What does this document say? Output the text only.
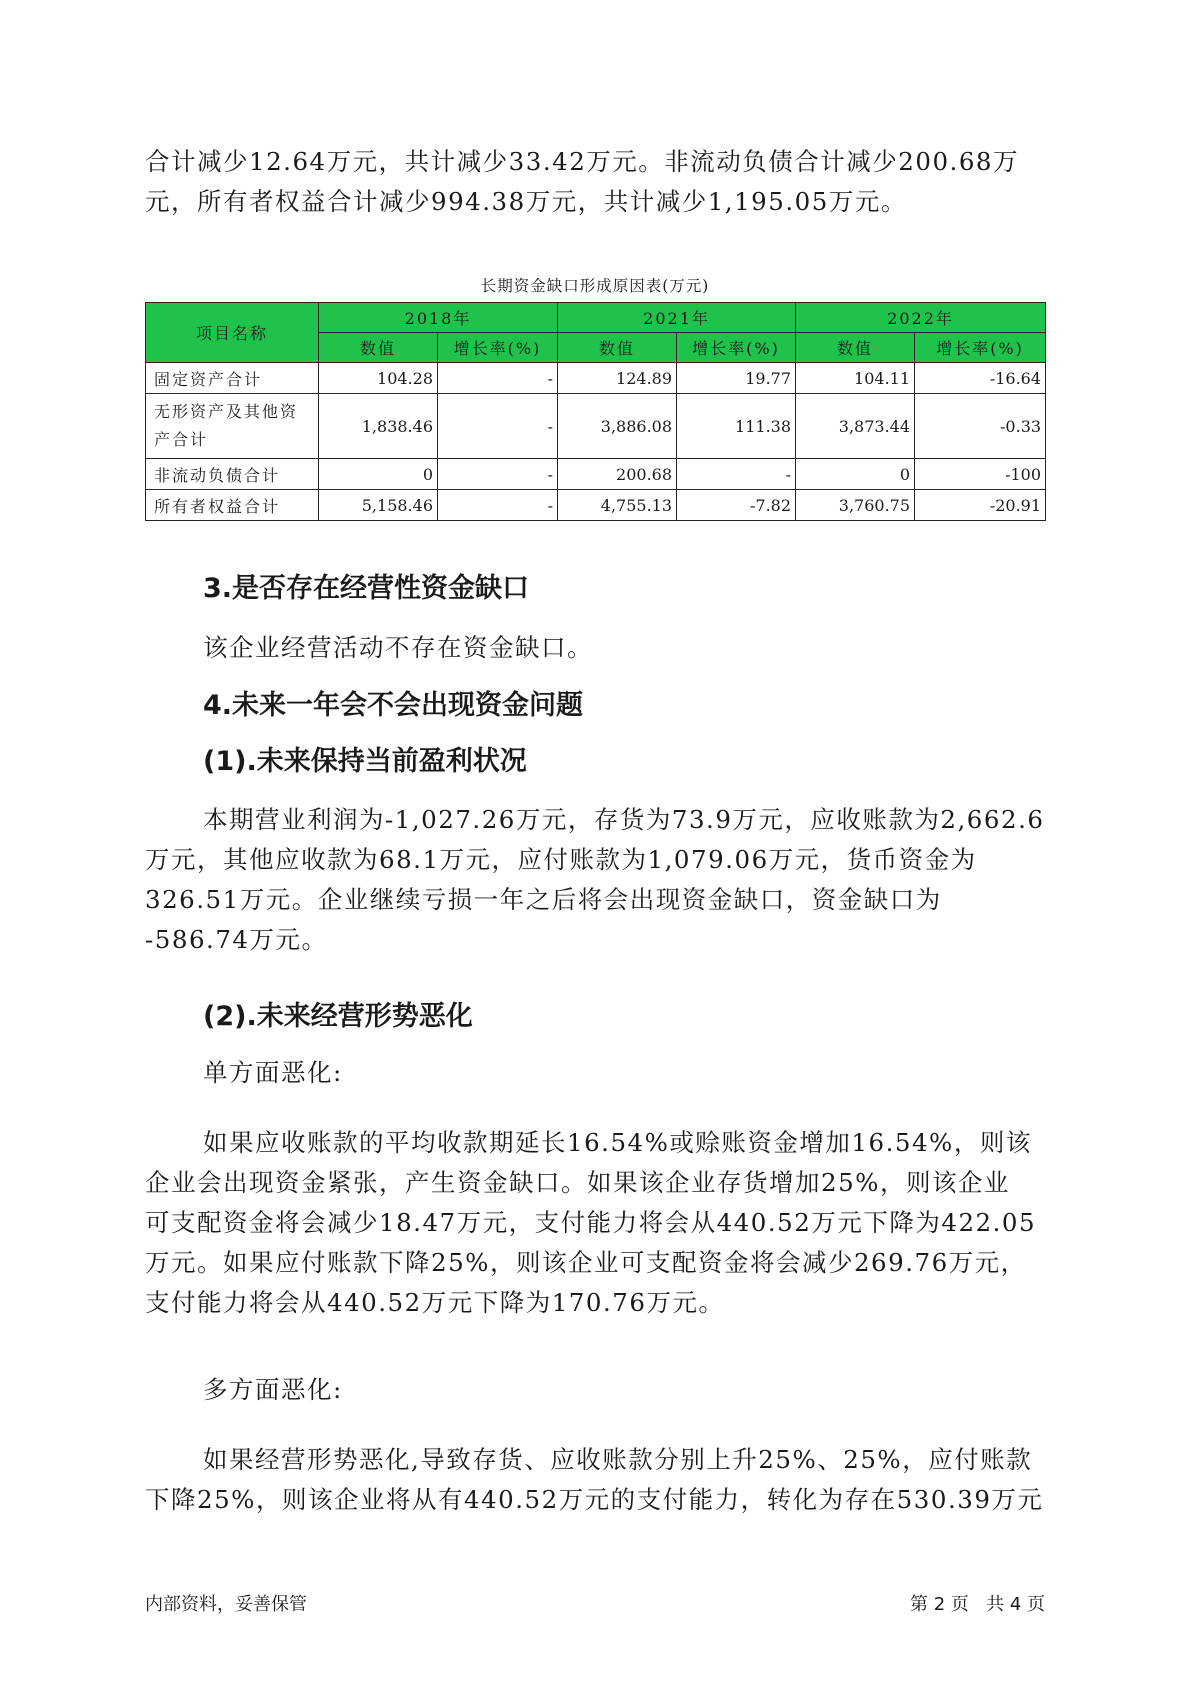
合计减少12.64万元，共计减少33.42万元。非流动负债合计减少200.68万
元，所有者权益合计减少994.38万元，共计减少1,195.05万元。
长期资金缺口形成原因表(万元)
项目名称	2018年		2021年		2022年	
	数值	增长率(%)	数值	增长率(%)	数值	增长率(%)
固定资产合计	104.28	-	124.89	19.77	104.11	-16.64

无形资产及其他资产合计	1,838.46	-	3,886.08	111.38	3,873.44	-0.33
非流动负债合计	0	-	200.68	-	0	-100
所有者权益合计	5,158.46	-	4,755.13	-7.82	3,760.75	-20.91
3.是否存在经营性资金缺口
该企业经营活动不存在资金缺口。
4.未来一年会不会出现资金问题
(1).未来保持当前盈利状况
本期营业利润为-1,027.26万元，存货为73.9万元，应收账款为2,662.6
万元，其他应收款为68.1万元，应付账款为1,079.06万元，货币资金为
326.51万元。企业继续亏损一年之后将会出现资金缺口，资金缺口为
-586.74万元。
(2).未来经营形势恶化
单方面恶化:
如果应收账款的平均收款期延长16.54%或赊账资金增加16.54%，则该
企业会出现资金紧张，产生资金缺口。如果该企业存货增加25%，则该企业
可支配资金将会减少18.47万元，支付能力将会从440.52万元下降为422.05
万元。如果应付账款下降25%，则该企业可支配资金将会减少269.76万元，
支付能力将会从440.52万元下降为170.76万元。
多方面恶化:
如果经营形势恶化,导致存货、应收账款分别上升25%、25%，应付账款
下降25%，则该企业将从有440.52万元的支付能力，转化为存在530.39万元
内部资料，妥善保管	第 2 页   共 4 页
